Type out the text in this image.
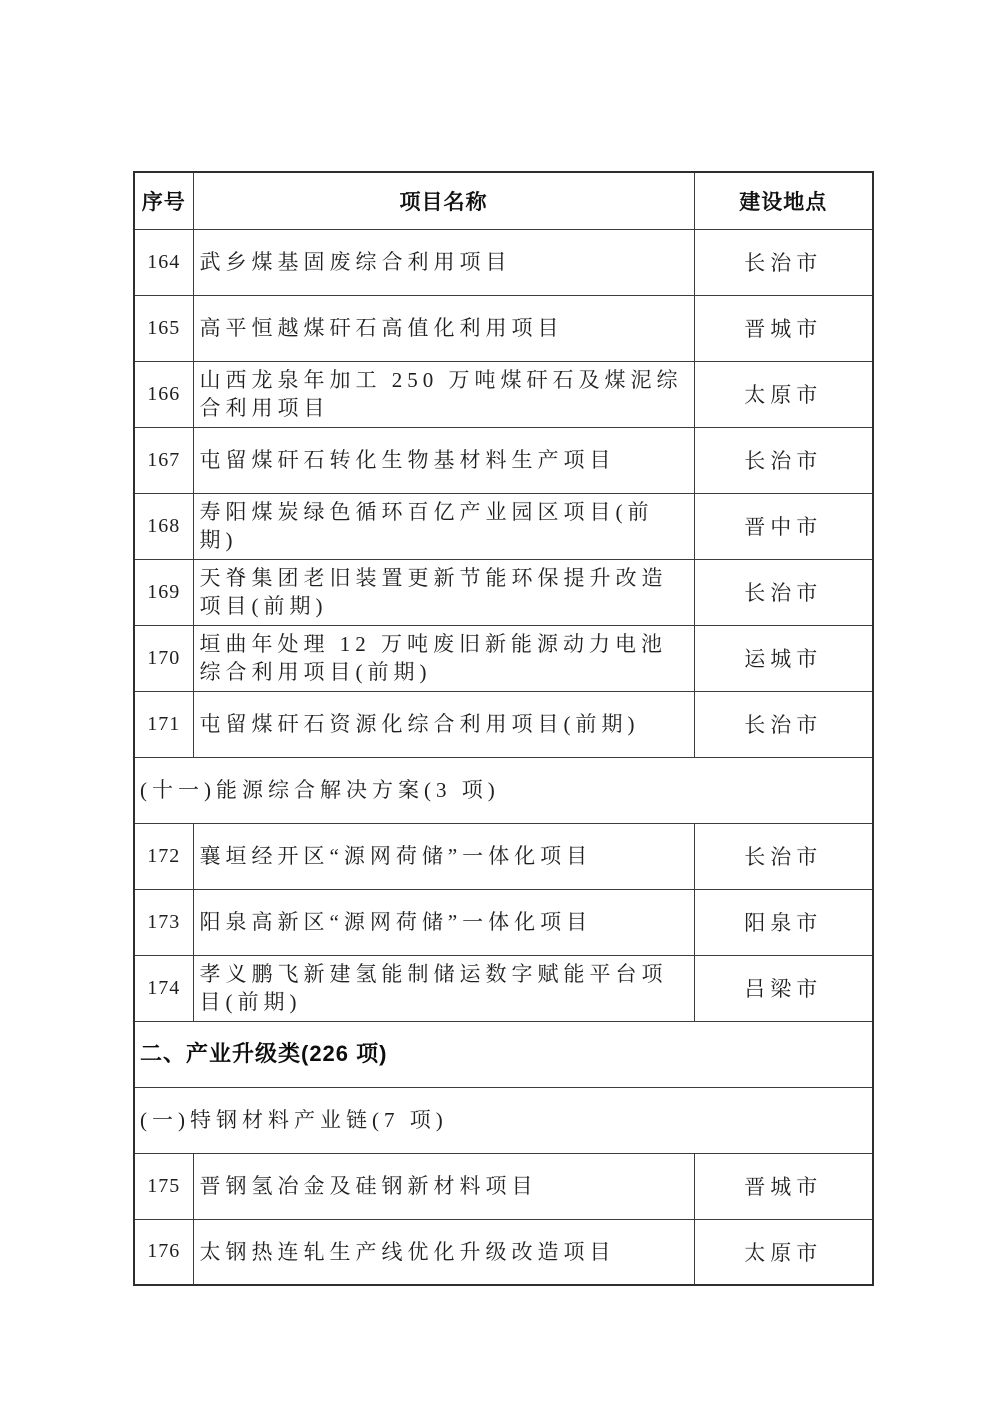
序号	项目名称	建设地点
164	武乡煤基固废综合利用项目	长治市
165	高平恒越煤矸石高值化利用项目	晋城市
166	山西龙泉年加工 250 万吨煤矸石及煤泥综合利用项目	太原市
167	屯留煤矸石转化生物基材料生产项目	长治市
168	寿阳煤炭绿色循环百亿产业园区项目(前期)	晋中市
169	天脊集团老旧装置更新节能环保提升改造项目(前期)	长治市
170	垣曲年处理 12 万吨废旧新能源动力电池综合利用项目(前期)	运城市
171	屯留煤矸石资源化综合利用项目(前期)	长治市
(十一)能源综合解决方案(3 项)		
172	襄垣经开区“源网荷储”一体化项目	长治市
173	阳泉高新区“源网荷储”一体化项目	阳泉市
174	孝义鹏飞新建氢能制储运数字赋能平台项目(前期)	吕梁市
二、产业升级类(226 项)		
(一)特钢材料产业链(7 项)		
175	晋钢氢冶金及硅钢新材料项目	晋城市
176	太钢热连轧生产线优化升级改造项目	太原市
